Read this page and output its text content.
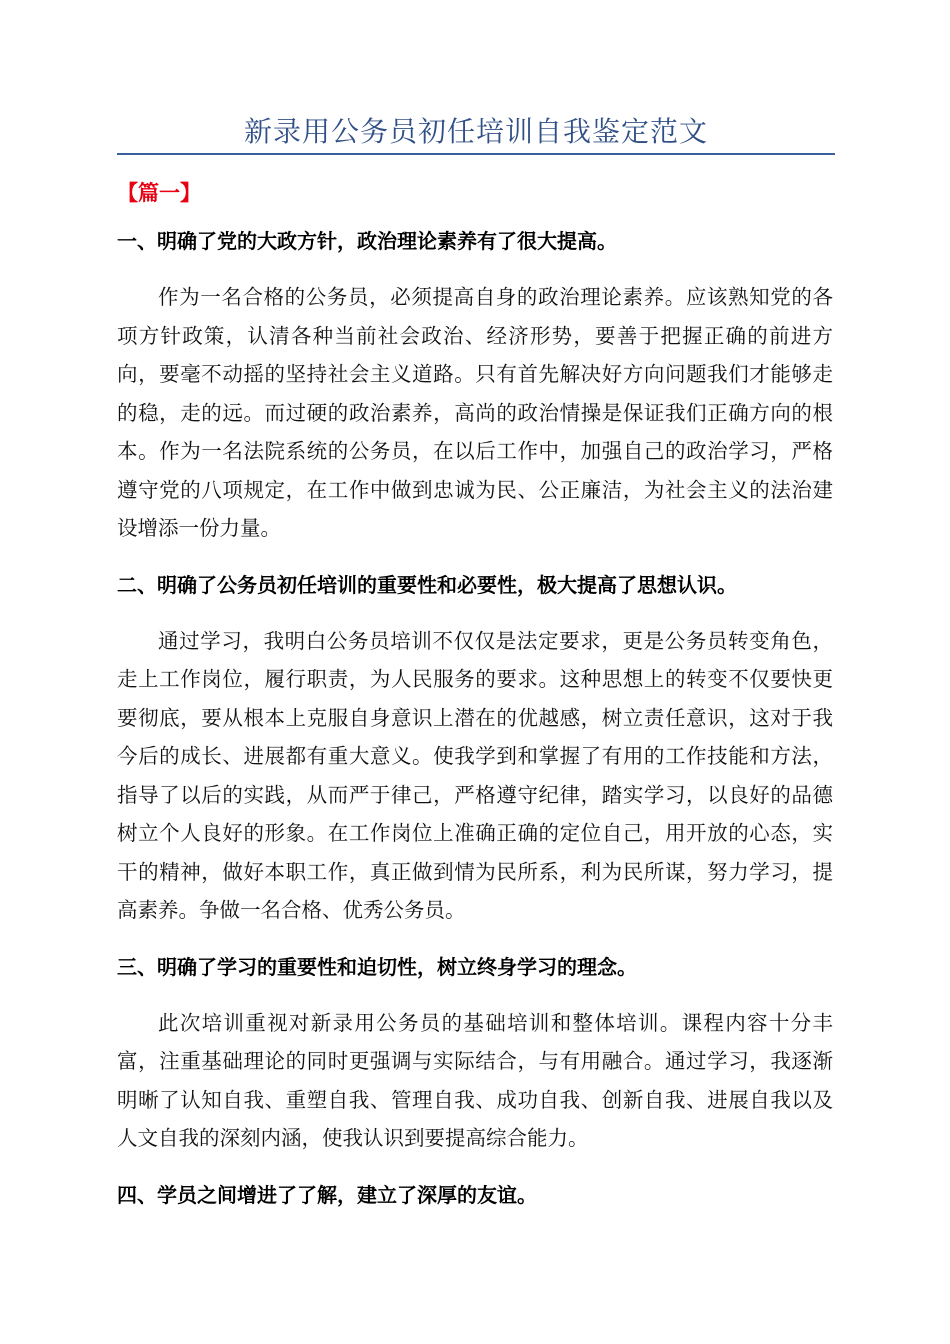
新录用公务员初任培训自我鉴定范文
【篇一】
一、明确了党的大政方针，政治理论素养有了很大提高。

作为一名合格的公务员，必须提高自身的政治理论素养。应该熟知党的各项方针政策，认清各种当前社会政治、经济形势，要善于把握正确的前进方向，要毫不动摇的坚持社会主义道路。只有首先解决好方向问题我们才能够走的稳，走的远。而过硬的政治素养，高尚的政治情操是保证我们正确方向的根本。作为一名法院系统的公务员，在以后工作中，加强自己的政治学习，严格遵守党的八项规定，在工作中做到忠诚为民、公正廉洁，为社会主义的法治建设增添一份力量。

二、明确了公务员初任培训的重要性和必要性，极大提高了思想认识。

通过学习，我明白公务员培训不仅仅是法定要求，更是公务员转变角色，走上工作岗位，履行职责，为人民服务的要求。这种思想上的转变不仅要快更要彻底，要从根本上克服自身意识上潜在的优越感，树立责任意识，这对于我今后的成长、进展都有重大意义。使我学到和掌握了有用的工作技能和方法，指导了以后的实践，从而严于律己，严格遵守纪律，踏实学习，以良好的品德树立个人良好的形象。在工作岗位上准确正确的定位自己，用开放的心态，实干的精神，做好本职工作，真正做到情为民所系，利为民所谋，努力学习，提高素养。争做一名合格、优秀公务员。

三、明确了学习的重要性和迫切性，树立终身学习的理念。

此次培训重视对新录用公务员的基础培训和整体培训。课程内容十分丰富，注重基础理论的同时更强调与实际结合，与有用融合。通过学习，我逐渐明晰了认知自我、重塑自我、管理自我、成功自我、创新自我、进展自我以及人文自我的深刻内涵，使我认识到要提高综合能力。

四、学员之间增进了了解，建立了深厚的友谊。
